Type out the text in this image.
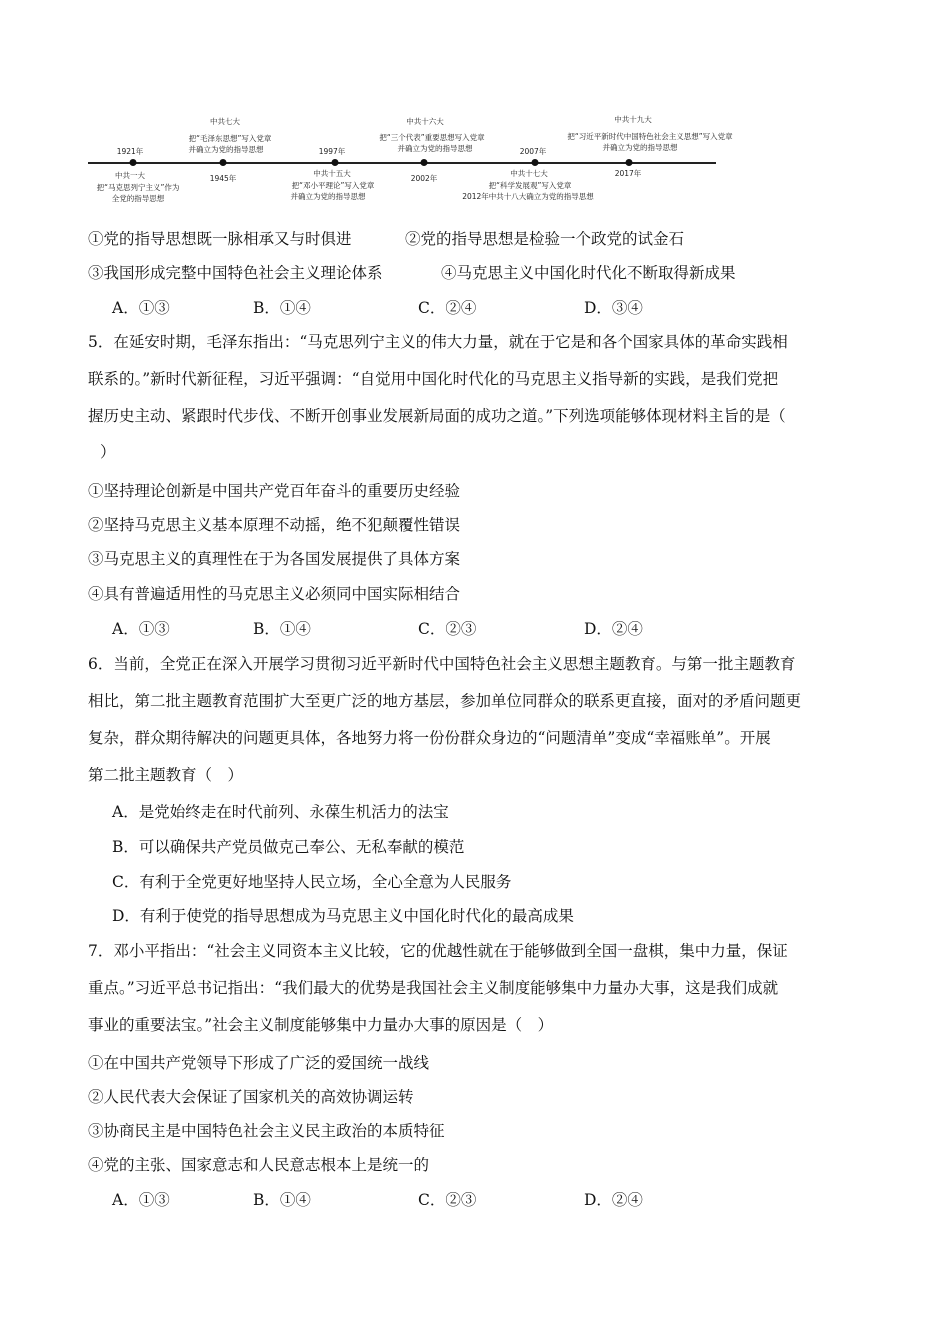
1921年
中共一大
把“马克思列宁主义”作为
全党的指导思想
中共七大
把“毛泽东思想”写入党章
并确立为党的指导思想
1945年
1997年
中共十五大
把“邓小平理论”写入党章
并确立为党的指导思想
中共十六大
把“三个代表”重要思想写入党章
并确立为党的指导思想
2002年
2007年
中共十七大
把“科学发展观”写入党章
2012年中共十八大确立为党的指导思想
中共十九大
把“习近平新时代中国特色社会主义思想”写入党章
并确立为党的指导思想
2017年
①党的指导思想既一脉相承又与时俱进	②党的指导思想是检验一个政党的试金石
③我国形成完整中国特色社会主义理论体系	④马克思主义中国化时代化不断取得新成果
A．①③	B．①④	C．②④	D．③④
5．在延安时期，毛泽东指出：“马克思列宁主义的伟大力量，就在于它是和各个国家具体的革命实践相
联系的。”新时代新征程，习近平强调：“自觉用中国化时代化的马克思主义指导新的实践，是我们党把
握历史主动、紧跟时代步伐、不断开创事业发展新局面的成功之道。”下列选项能够体现材料主旨的是（
）
①坚持理论创新是中国共产党百年奋斗的重要历史经验
②坚持马克思主义基本原理不动摇，绝不犯颠覆性错误
③马克思主义的真理性在于为各国发展提供了具体方案
④具有普遍适用性的马克思主义必须同中国实际相结合
A．①③	B．①④	C．②③	D．②④
6．当前，全党正在深入开展学习贯彻习近平新时代中国特色社会主义思想主题教育。与第一批主题教育
相比，第二批主题教育范围扩大至更广泛的地方基层，参加单位同群众的联系更直接，面对的矛盾问题更
复杂，群众期待解决的问题更具体，各地努力将一份份群众身边的“问题清单”变成“幸福账单”。开展
第二批主题教育（　）
A．是党始终走在时代前列、永葆生机活力的法宝
B．可以确保共产党员做克己奉公、无私奉献的模范
C．有利于全党更好地坚持人民立场，全心全意为人民服务
D．有利于使党的指导思想成为马克思主义中国化时代化的最高成果
7．邓小平指出：“社会主义同资本主义比较，它的优越性就在于能够做到全国一盘棋，集中力量，保证
重点。”习近平总书记指出：“我们最大的优势是我国社会主义制度能够集中力量办大事，这是我们成就
事业的重要法宝。”社会主义制度能够集中力量办大事的原因是（　）
①在中国共产党领导下形成了广泛的爱国统一战线
②人民代表大会保证了国家机关的高效协调运转
③协商民主是中国特色社会主义民主政治的本质特征
④党的主张、国家意志和人民意志根本上是统一的
A．①③	B．①④	C．②③	D．②④
